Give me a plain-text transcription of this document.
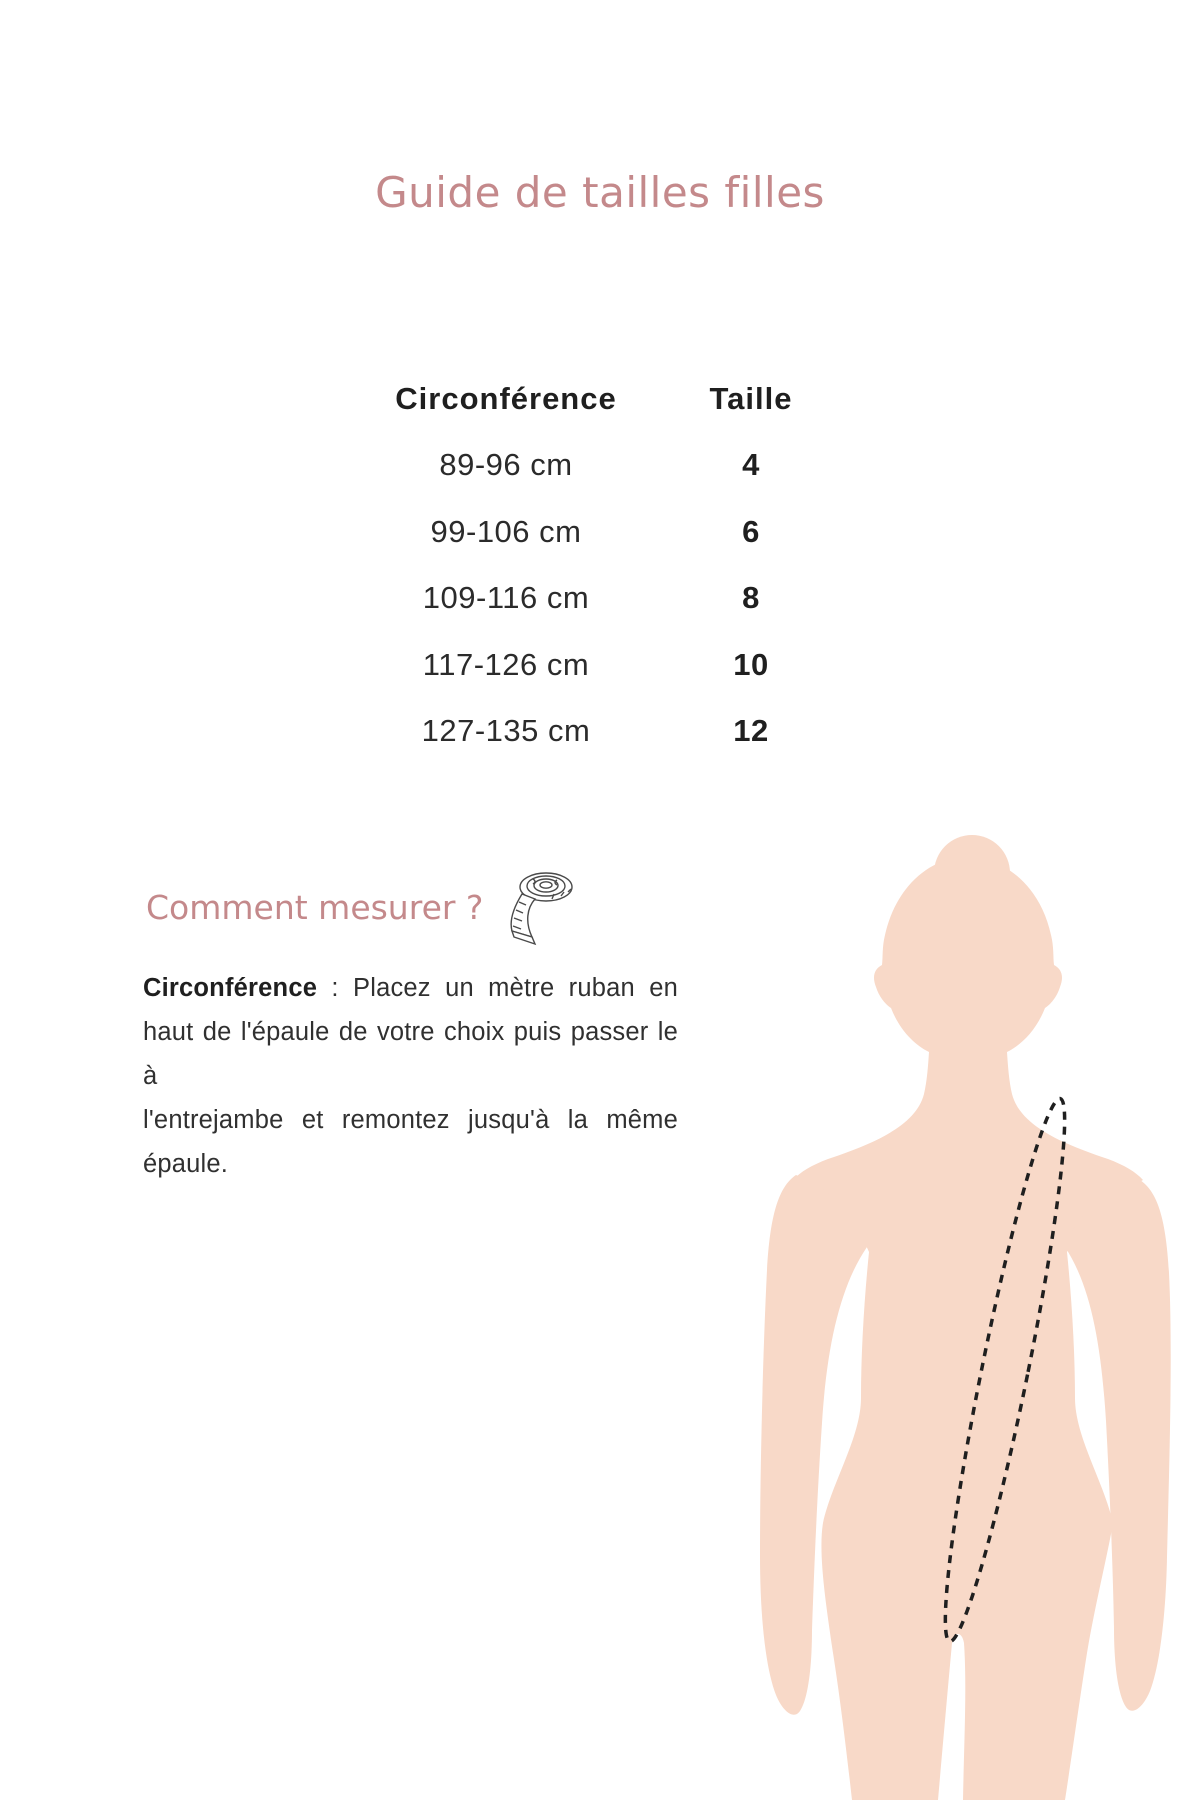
Guide de tailles filles
Circonférence	Taille
89-96 cm	4
99-106 cm	6
109-116 cm	8
117-126 cm	10
127-135 cm	12
Comment mesurer ?
Circonférence : Placez un mètre ruban en
haut de l'épaule de votre choix puis passer le à
l'entrejambe et remontez jusqu'à la même
épaule.
